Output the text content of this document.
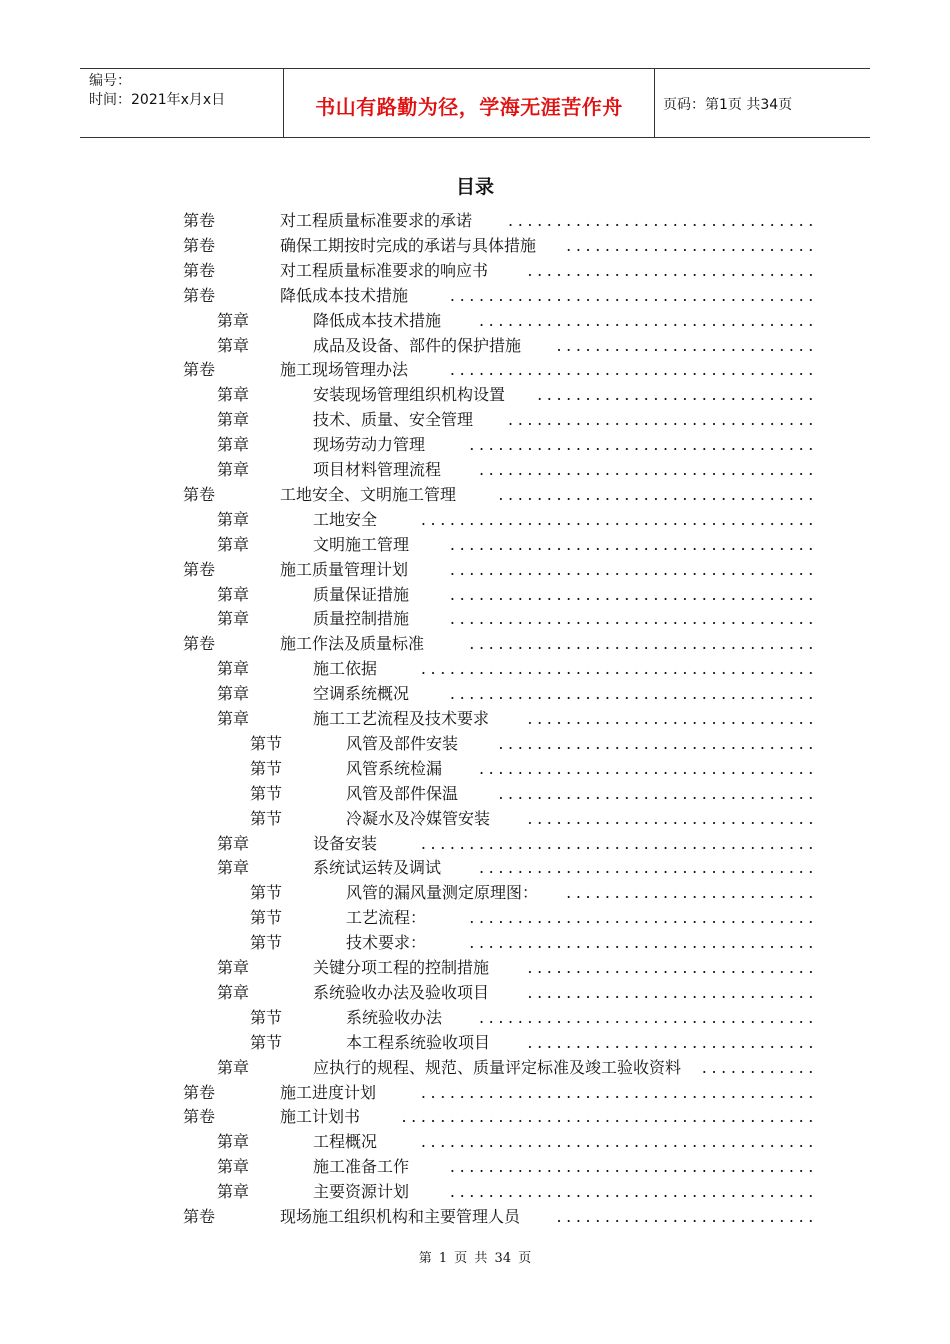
编号：
时间：2021年x月x日	书山有路勤为径，学海无涯苦作舟	页码：第1页 共34页
目录
第卷	对工程质量标准要求的承诺	................................
第卷	确保工期按时完成的承诺与具体措施	..........................
第卷	对工程质量标准要求的响应书	..............................
第卷	降低成本技术措施	......................................
第章	降低成本技术措施	...................................
第章	成品及设备、部件的保护措施	...........................
第卷	施工现场管理办法	......................................
第章	安装现场管理组织机构设置	.............................
第章	技术、质量、安全管理	................................
第章	现场劳动力管理	....................................
第章	项目材料管理流程	...................................
第卷	工地安全、文明施工管理	.................................
第章	工地安全	.........................................
第章	文明施工管理	......................................
第卷	施工质量管理计划	......................................
第章	质量保证措施	......................................
第章	质量控制措施	......................................
第卷	施工作法及质量标准	....................................
第章	施工依据	.........................................
第章	空调系统概况	......................................
第章	施工工艺流程及技术要求	..............................
第节	风管及部件安装	.................................
第节	风管系统检漏	...................................
第节	风管及部件保温	.................................
第节	冷凝水及冷媒管安装	..............................
第章	设备安装	.........................................
第章	系统试运转及调试	...................................
第节	风管的漏风量测定原理图：	..........................
第节	工艺流程：	....................................
第节	技术要求：	....................................
第章	关键分项工程的控制措施	..............................
第章	系统验收办法及验收项目	..............................
第节	系统验收办法	...................................
第节	本工程系统验收项目	..............................
第章	应执行的规程、规范、质量评定标准及竣工验收资料	............
第卷	施工进度计划	.........................................
第卷	施工计划书	...........................................
第章	工程概况	.........................................
第章	施工准备工作	......................................
第章	主要资源计划	......................................
第卷	现场施工组织机构和主要管理人员	...........................
第 1 页 共 34 页
